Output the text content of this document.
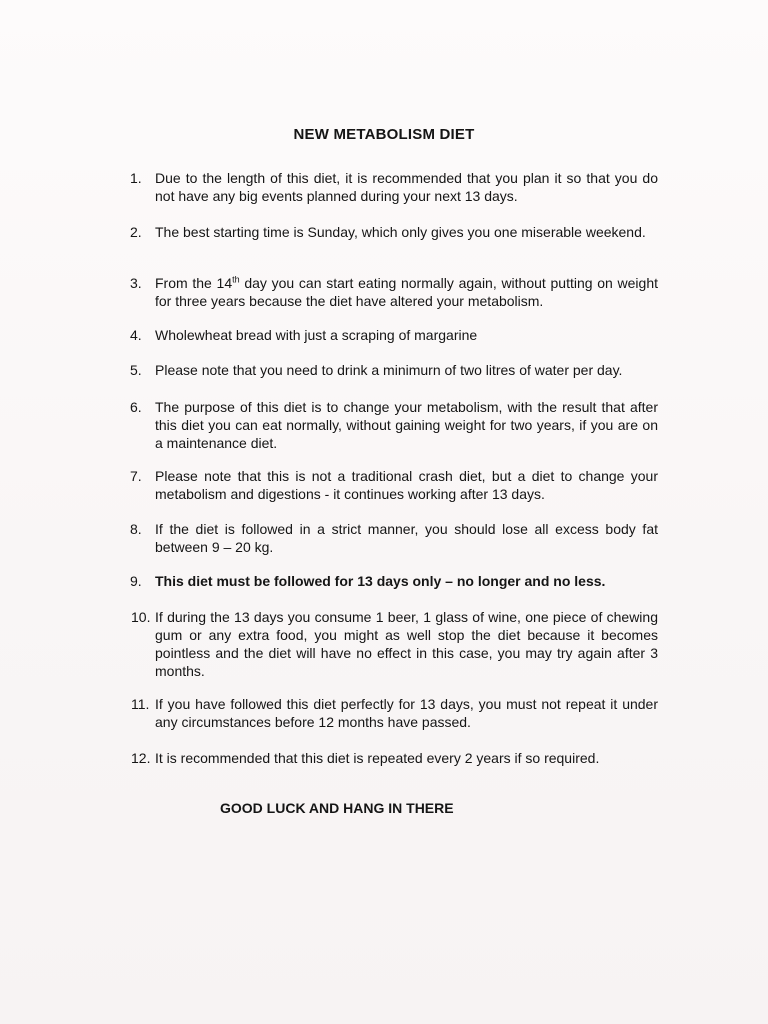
NEW METABOLISM DIET
1. Due to the length of this diet, it is recommended that you plan it so that you do not have any big events planned during your next 13 days.
2. The best starting time is Sunday, which only gives you one miserable weekend.
3. From the 14th day you can start eating normally again, without putting on weight for three years because the diet have altered your metabolism.
4. Wholewheat bread with just a scraping of margarine
5. Please note that you need to drink a minimurn of two litres of water per day.
6. The purpose of this diet is to change your metabolism, with the result that after this diet you can eat normally, without gaining weight for two years, if you are on a maintenance diet.
7. Please note that this is not a traditional crash diet, but a diet to change your metabolism and digestions - it continues working after 13 days.
8. If the diet is followed in a strict manner, you should lose all excess body fat between 9 – 20 kg.
9. This diet must be followed for 13 days only – no longer and no less.
10. If during the 13 days you consume 1 beer, 1 glass of wine, one piece of chewing gum or any extra food, you might as well stop the diet because it becomes pointless and the diet will have no effect in this case, you may try again after 3 months.
11. If you have followed this diet perfectly for 13 days, you must not repeat it under any circumstances before 12 months have passed.
12. It is recommended that this diet is repeated every 2 years if so required.

GOOD LUCK AND HANG IN THERE
